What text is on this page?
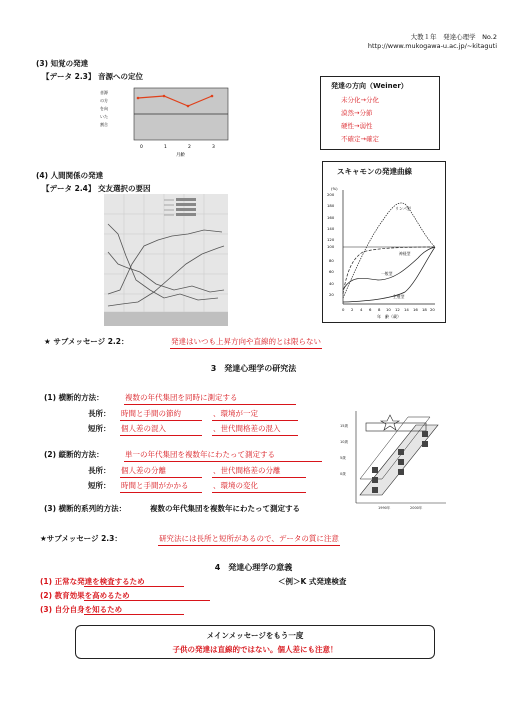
大教１年　発達心理学　No.2
http://www.mukogawa-u.ac.jp/~kitaguti
(3) 知覚の発達
【データ 2.3】 音源への定位
音源
の方
を向
いた
割合
0	1	2	3
月齢
発達の方向（Weiner）
未分化→分化
漠然→分節
硬性→弱性
不確定→確定
(4) 人間関係の発達
【データ 2.4】 交友選択の要因
スキャモンの発達曲線
(%)
200
180
160
140
120
100
80
60
40
20
0 2 4 6 8 10 12 14 16 18 20
年　齢（歳）
リンパ型
神経型
一般型
生殖型
★ サブメッセージ 2.2：	発達はいつも上昇方向や直線的とは限らない
3　発達心理学の研究法
(1) 横断的方法：	複数の年代集団を同時に測定する
長所： 時間と手間の節約	、環境が一定
短所： 個人差の混入	、世代間格差の混入
(2) 縦断的方法：	単一の年代集団を複数年にわたって測定する
長所： 個人差の分離	、世代間格差の分離
短所： 時間と手間がかかる	、環境の変化
15歳
10歳
5歳
0歳
1990年	2000年
(3) 横断的系列的方法：	複数の年代集団を複数年にわたって測定する
★サブメッセージ 2.3：	研究法には長所と短所があるので、データの質に注意
4　発達心理学の意義
(1) 正常な発達を検査するため	＜例＞K 式発達検査
(2) 教育効果を高めるため
(3) 自分自身を知るため
メインメッセージをもう一度
子供の発達は直線的ではない。個人差にも注意！
